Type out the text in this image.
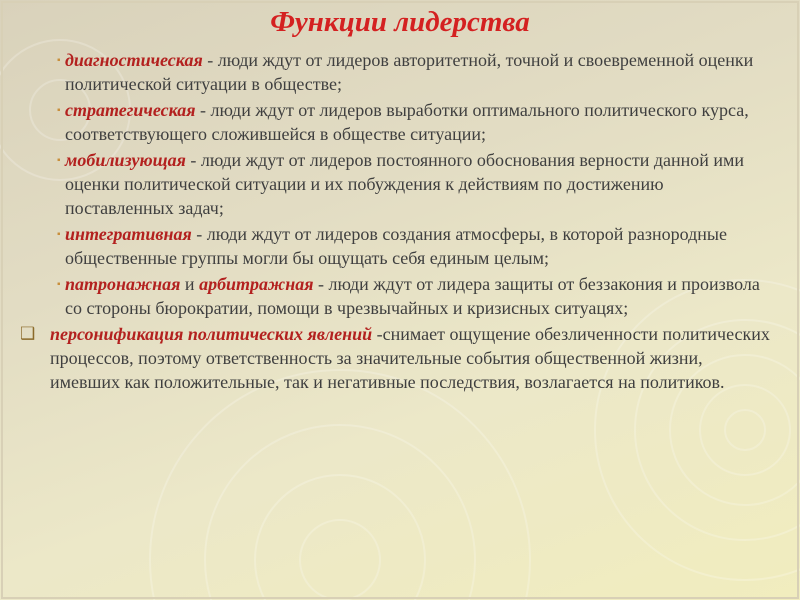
Функции лидерства
▪ диагностическая - люди ждут от лидеров авторитетной, точной и своевременной оценки политической ситуации в обществе;
▪ стратегическая - люди ждут от лидеров выработки оптимального политического курса, соответствующего сложившейся в обществе ситуации;
▪ мобилизующая - люди ждут от лидеров постоянного обоснования верности данной ими оценки политической ситуации и их побуждения к действиям по достижению поставленных задач;
▪ интегративная - люди ждут от лидеров создания атмосферы, в которой разнородные общественные группы могли бы ощущать себя единым целым;
▪ патронажная и арбитражная - люди ждут от лидера защиты от беззакония и произвола со стороны бюрократии, помощи в чрезвычайных и кризисных ситуацях;
❑ персонификация политических явлений -снимает ощущение обезличенности политических процессов, поэтому ответственность за значительные события общественной жизни, имевших как положительные, так и негативные последствия, возлагается на политиков.
